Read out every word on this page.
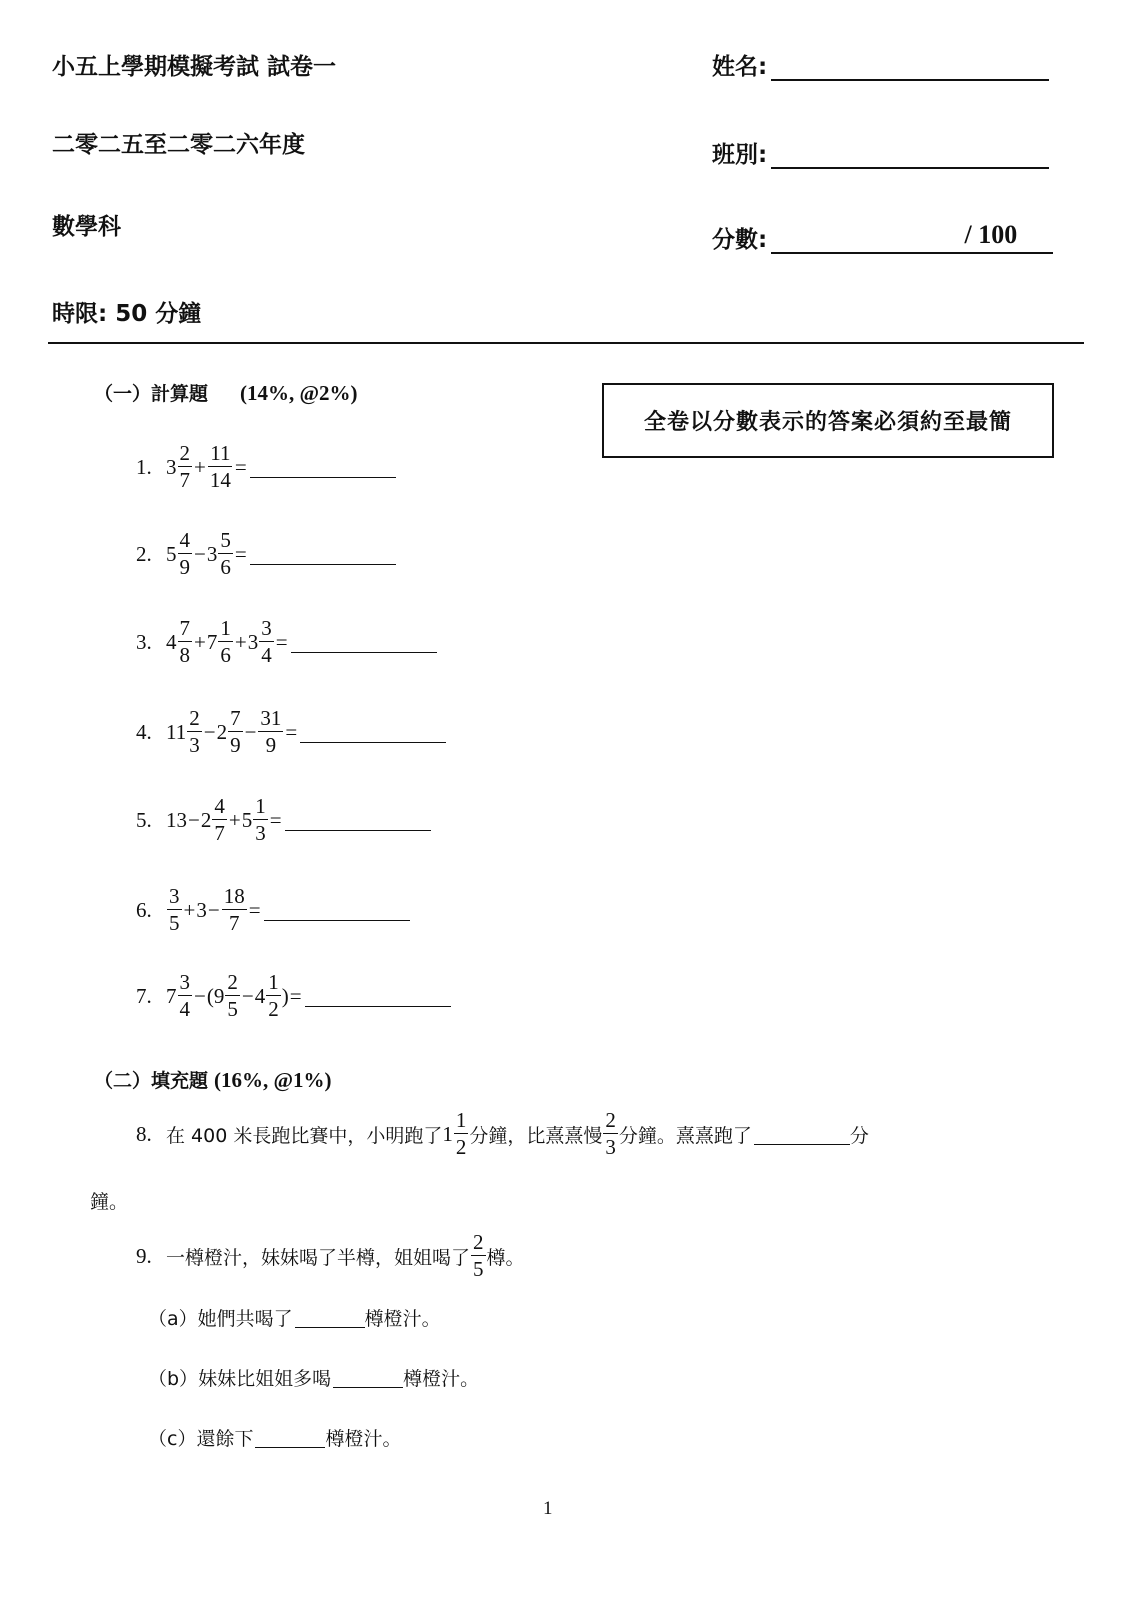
小五上學期模擬考試 試卷一
二零二五至二零二六年度
數學科
時限: 50 分鐘
姓名:
班別:
分數:	/ 100
全卷以分數表示的答案必須約至最簡
（一）計算題 (14%, @2%)
1. $3 \frac{2}{7} + \frac{11}{14}$ =
2. $5 \frac{4}{9} - 3 \frac{5}{6}$ =
3. $4 \frac{7}{8} + 7 \frac{1}{6} + 3 \frac{3}{4}$ =
4. $11 \frac{2}{3} - 2 \frac{7}{9} - \frac{31}{9}$ =
5. $13 - 2 \frac{4}{7} + 5 \frac{1}{3}$ =
6. $\frac{3}{5} + 3 - \frac{18}{7}$ =
7. $7 \frac{3}{4}$ − ( $9 \frac{2}{5} - 4 \frac{1}{2}$ ) =
（二）填充題 (16%, @1%)
8. 在 400 米長跑比賽中，小明跑了 $1 \frac{1}{2}$ 分鐘，比熹熹慢 $\frac{2}{3}$ 分鐘。熹熹跑了	分
鐘。
9. 一樽橙汁，妹妹喝了半樽，姐姐喝了 $\frac{2}{5}$ 樽。
（a） 她們共喝了	樽橙汁。
（b） 妹妹比姐姐多喝	樽橙汁。
（c） 還餘下	樽橙汁。
1
